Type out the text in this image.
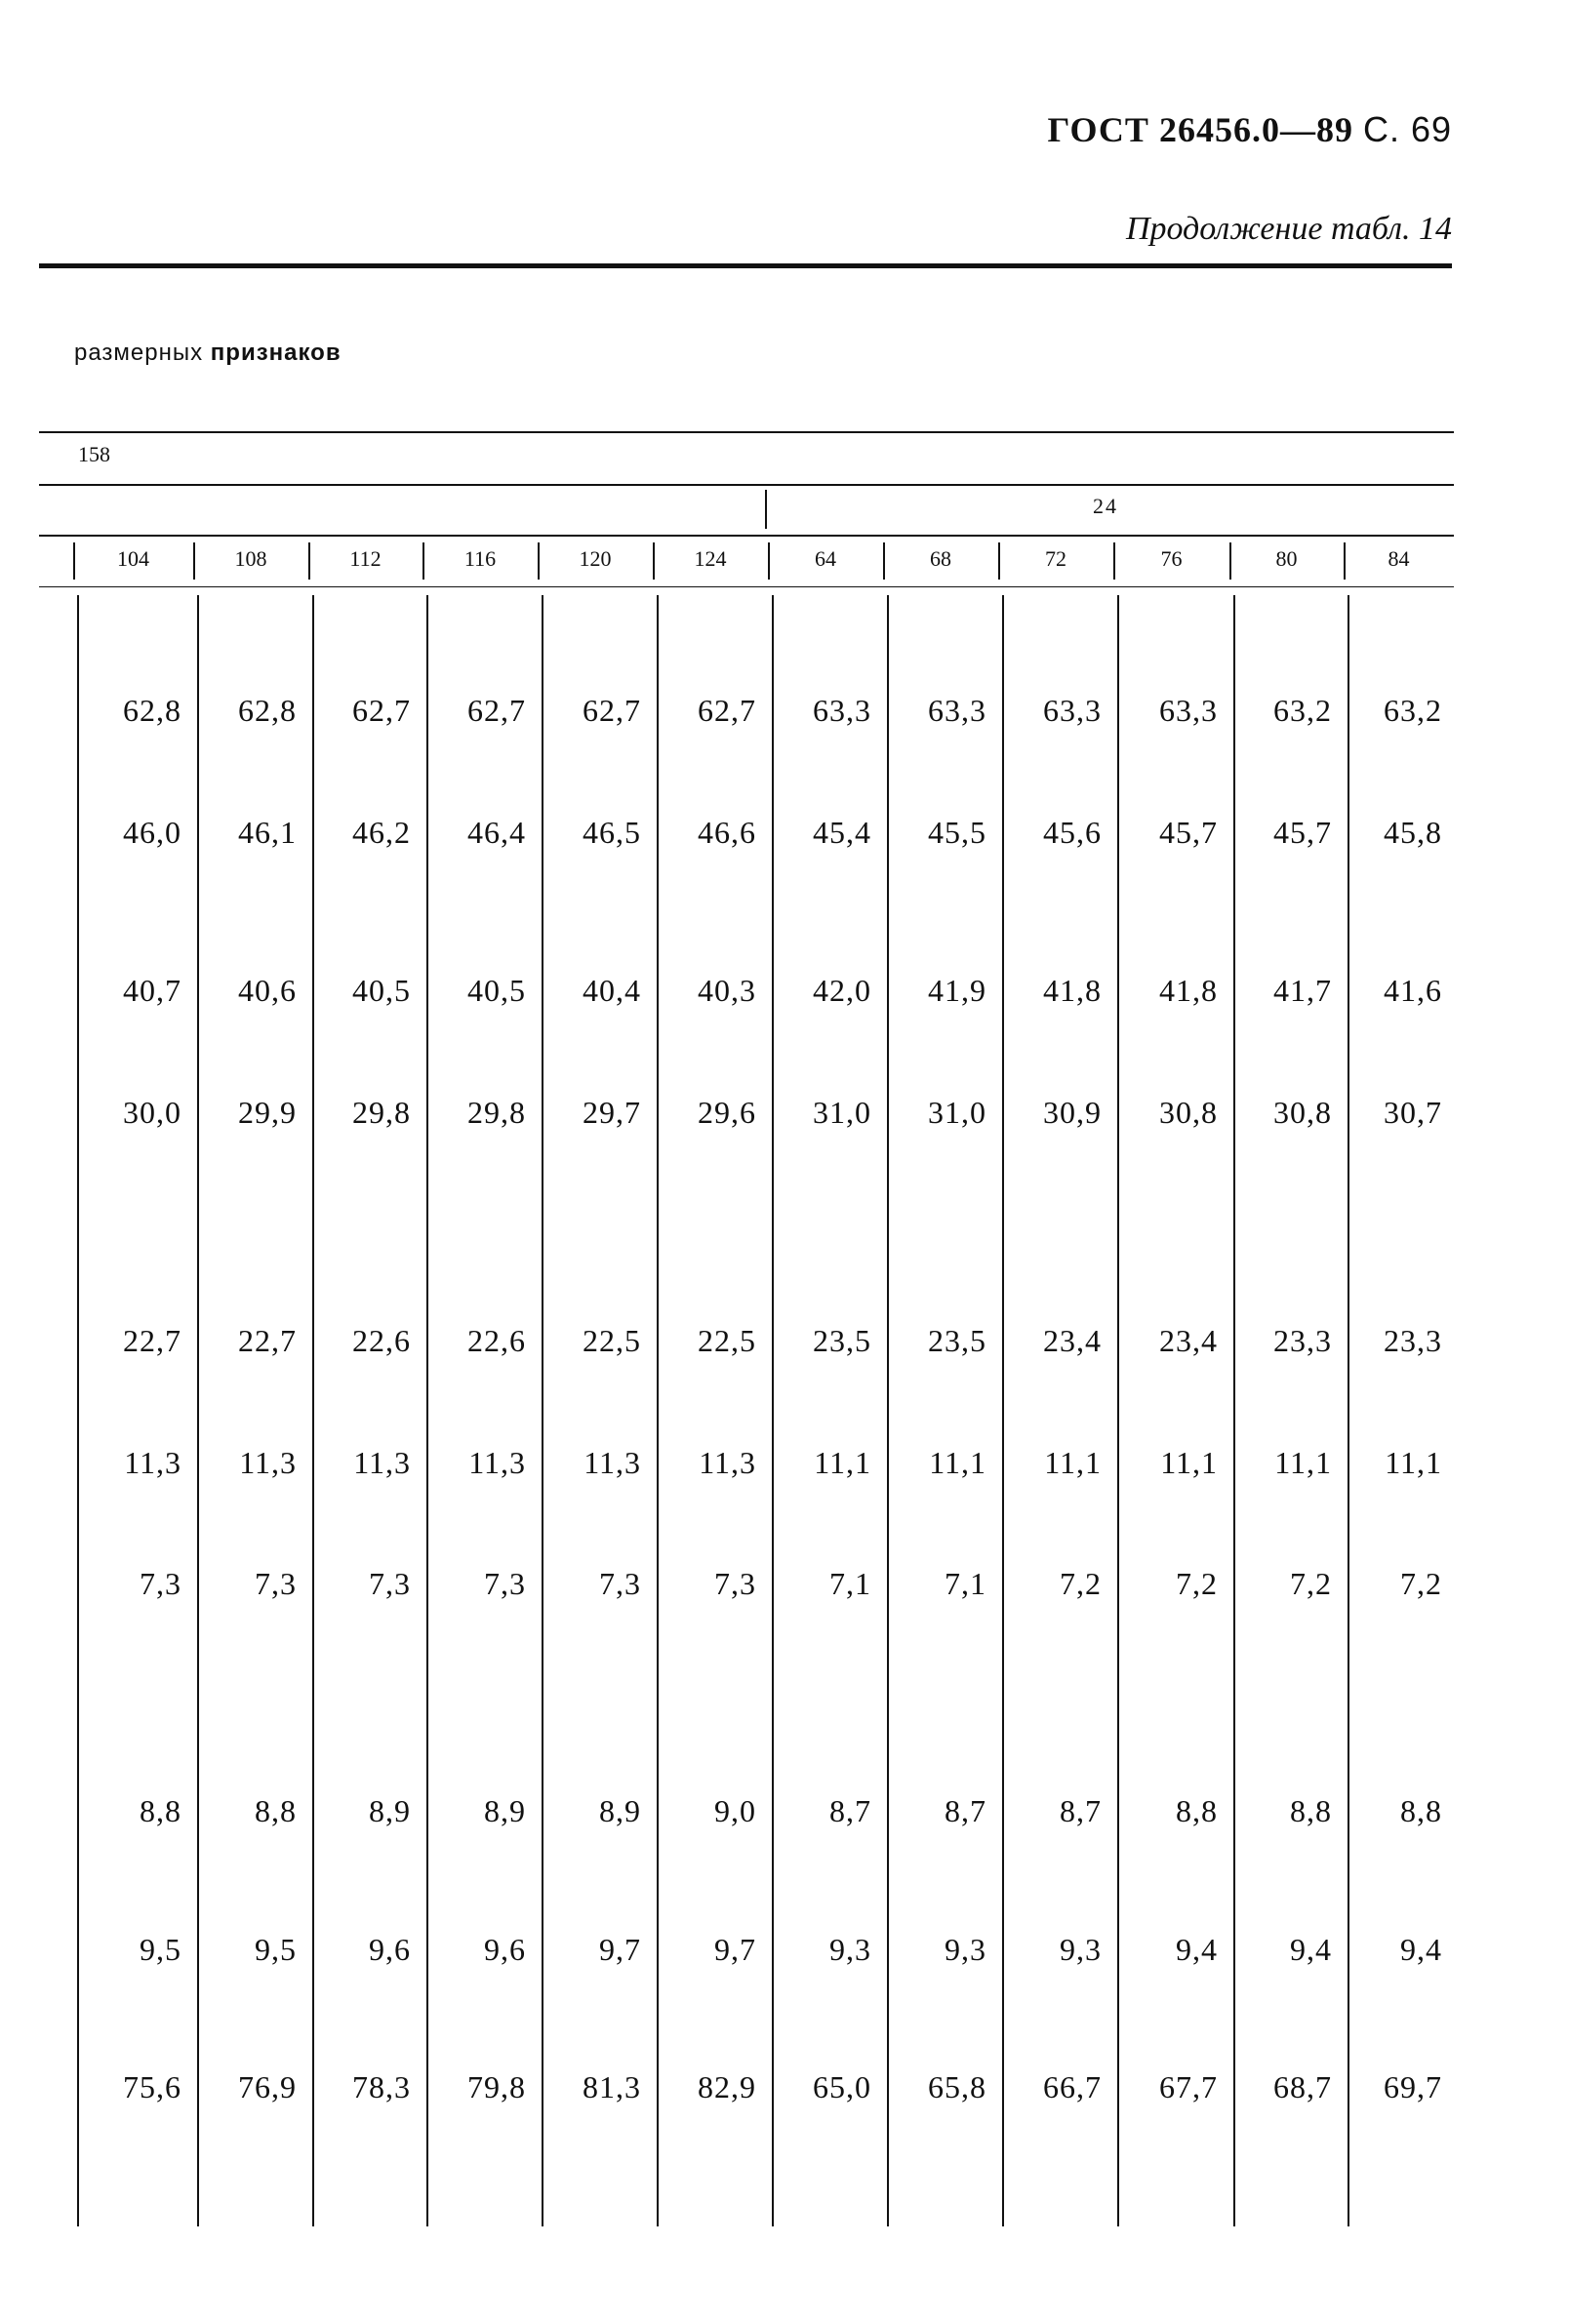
ГОСТ 26456.0—89 С. 69
Продолжение табл. 14
размерных признаков
158
24
104	108	112	116	120	124	64	68	72	76	80	84
62,8	62,8	62,7	62,7	62,7	62,7	63,3	63,3	63,3	63,3	63,2	63,2
46,0	46,1	46,2	46,4	46,5	46,6	45,4	45,5	45,6	45,7	45,7	45,8
40,7	40,6	40,5	40,5	40,4	40,3	42,0	41,9	41,8	41,8	41,7	41,6
30,0	29,9	29,8	29,8	29,7	29,6	31,0	31,0	30,9	30,8	30,8	30,7
22,7	22,7	22,6	22,6	22,5	22,5	23,5	23,5	23,4	23,4	23,3	23,3
11,3	11,3	11,3	11,3	11,3	11,3	11,1	11,1	11,1	11,1	11,1	11,1
7,3	7,3	7,3	7,3	7,3	7,3	7,1	7,1	7,2	7,2	7,2	7,2
8,8	8,8	8,9	8,9	8,9	9,0	8,7	8,7	8,7	8,8	8,8	8,8
9,5	9,5	9,6	9,6	9,7	9,7	9,3	9,3	9,3	9,4	9,4	9,4
75,6	76,9	78,3	79,8	81,3	82,9	65,0	65,8	66,7	67,7	68,7	69,7
